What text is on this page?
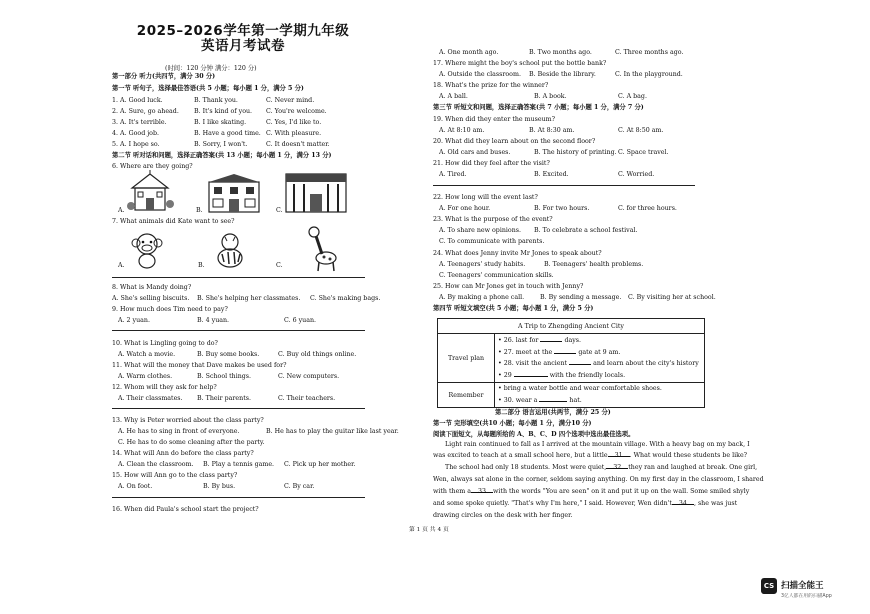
2025–2026学年第一学期九年级
英语月考试卷
(时间：120 分钟 满分：120 分)
第一部分 听力(共四节，满分 30 分)
第一节 听句子，选择最佳答语(共 5 小题；每小题 1 分，满分 5 分)
1. A. Good luck.	B. Thank you.	C. Never mind.
2. A. Sure, go ahead. B. It's kind of you. C. You're welcome.
3. A. It's terrible.	B. I like skating.	C. Yes, I'd like to.
4. A. Good job.	B. Have a good time. C. With pleasure.
5. A. I hope so.	B. Sorry, I won't.	C. It doesn't matter.
第二节 听对话和问题，选择正确答案(共 13 小题；每小题 1 分，满分 13 分)
6. Where are they going?
A.	B.	C.
7. What animals did Kate want to see?
A.	B.	C.
8. What is Mandy doing?
A. She's selling biscuits. B. She's helping her classmates. C. She's making bags.
9. How much does Tim need to pay?
A. 2 yuan.	B. 4 yuan.	C. 6 yuan.
10. What is Lingling going to do?
A. Watch a movie.	B. Buy some books.	C. Buy old things online.
11. What will the money that Dave makes be used for?
A. Warm clothes.	B. School things.	C. New computers.
12. Whom will they ask for help?
A. Their classmates. B. Their parents.	C. Their teachers.
13. Why is Peter worried about the class party?
A. He has to sing in front of everyone.	B. He has to play the guitar like last year.
C. He has to do some cleaning after the party.
14. What will Ann do before the class party?
A. Clean the classroom. B. Play a tennis game. C. Pick up her mother.
15. How will Ann go to the class party?
A. On foot.	B. By bus.	C. By car.
16. When did Paula's school start the project?
A. One month ago.	B. Two months ago.	C. Three months ago.
17. Where might the boy's school put the bottle bank?
A. Outside the classroom. B. Beside the library.	C. In the playground.
18. What's the prize for the winner?
A. A ball.	B. A book.	C. A bag.
第三节 听短文和问题，选择正确答案(共 7 小题；每小题 1 分，满分 7 分)
19. When did they enter the museum?
A. At 8:10 am.	B. At 8:30 am.	C. At 8:50 am.
20. What did they learn about on the second floor?
A. Old cars and buses.	B. The history of printing. C. Space travel.
21. How did they feel after the visit?
A. Tired.	B. Excited.	C. Worried.
22. How long will the event last?
A. For one hour.	B. For two hours.	C. for three hours.
23. What is the purpose of the event?
A. To share new opinions. B. To celebrate a school festival.
C. To communicate with parents.
24. What does Jenny invite Mr Jones to speak about?
A. Teenagers' study habits.	B. Teenagers' health problems.
C. Teenagers' communication skills.
25. How can Mr Jones get in touch with Jenny?
A. By making a phone call.	B. By sending a message. C. By visiting her at school.
第四节 听短文填空(共 5 小题；每小题 1 分，满分 5 分)
A Trip to Zhengding Ancient City	
Travel plan	• 26. last for days.
• 27. meet at the gate at 9 am.
• 28. visit the ancient and learn about the city's history
• 29 with the friendly locals.

Remember	• bring a water bottle and wear comfortable shoes.
• 30. wear a hat.
第二部分 语言运用(共两节，满分 25 分)
第一节 完形填空(共10 小题；每小题 1 分，满分10 分)
阅读下面短文，从每题所给的 A、B、C、D 四个选项中选出最佳选项。
Light rain continued to fall as I arrived at the mountain village. With a heavy bag on my back, I
was excited to teach at a small school here, but a little 31 . What would these students be like?
The school had only 18 students. Most were quiet, 32 they ran and laughed at break. One girl,
Wen, always sat alone in the corner, seldom saying anything. On my first day in the classroom, I shared
with them a 33 with the words "You are seen" on it and put it up on the wall. Some smiled shyly
and some spoke quietly. "That's why I'm here," I said. However, Wen didn't 34 , she was just
drawing circles on the desk with her finger.
第 1 页 共 4 页
CS 扫描全能王
3亿人都在用的扫描App
